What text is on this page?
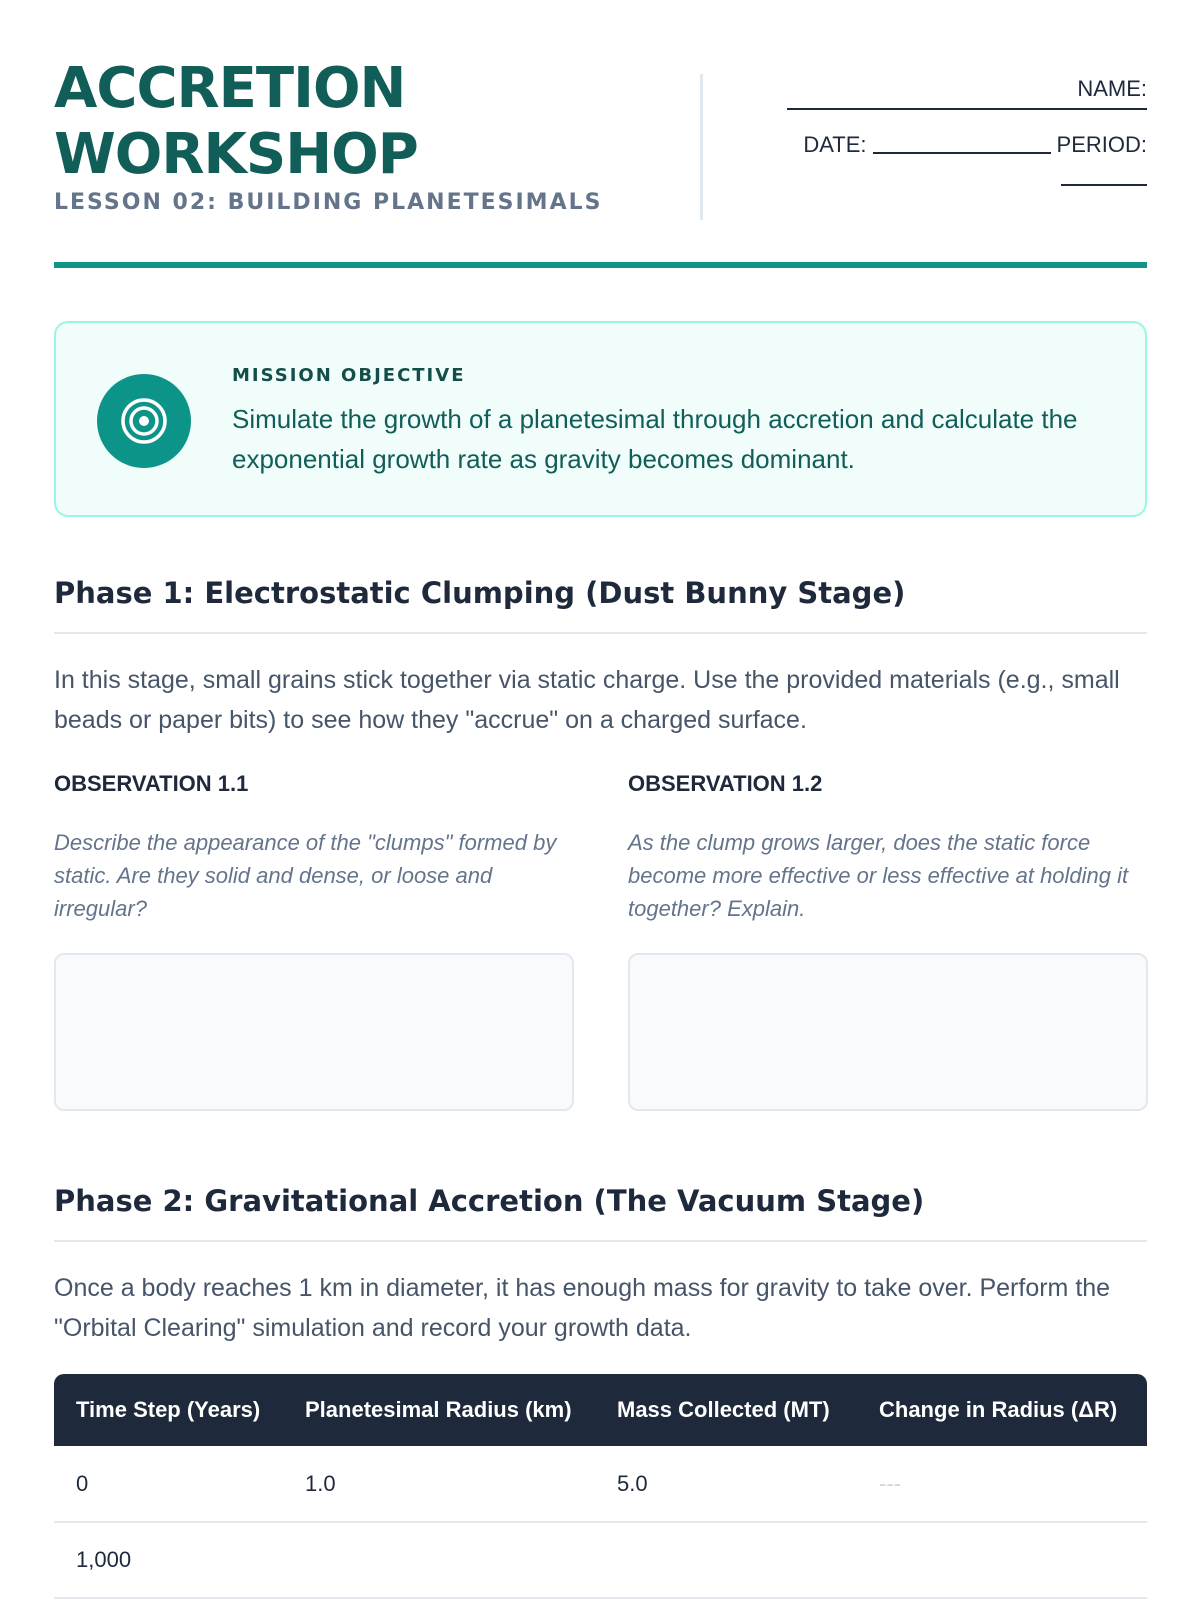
ACCRETION
WORKSHOP
LESSON 02: BUILDING PLANETESIMALS
NAME:
DATE:	PERIOD:
MISSION OBJECTIVE
Simulate the growth of a planetesimal through accretion and calculate the exponential growth rate as gravity becomes dominant.
Phase 1: Electrostatic Clumping (Dust Bunny Stage)
In this stage, small grains stick together via static charge. Use the provided materials (e.g., small beads or paper bits) to see how they "accrue" on a charged surface.
OBSERVATION 1.1
Describe the appearance of the "clumps" formed by static. Are they solid and dense, or loose and irregular?
OBSERVATION 1.2
As the clump grows larger, does the static force become more effective or less effective at holding it together? Explain.
Phase 2: Gravitational Accretion (The Vacuum Stage)
Once a body reaches 1 km in diameter, it has enough mass for gravity to take over. Perform the "Orbital Clearing" simulation and record your growth data.
Time Step (Years)	Planetesimal Radius (km)	Mass Collected (MT)	Change in Radius (ΔR)
0	1.0	5.0	---
1,000			
